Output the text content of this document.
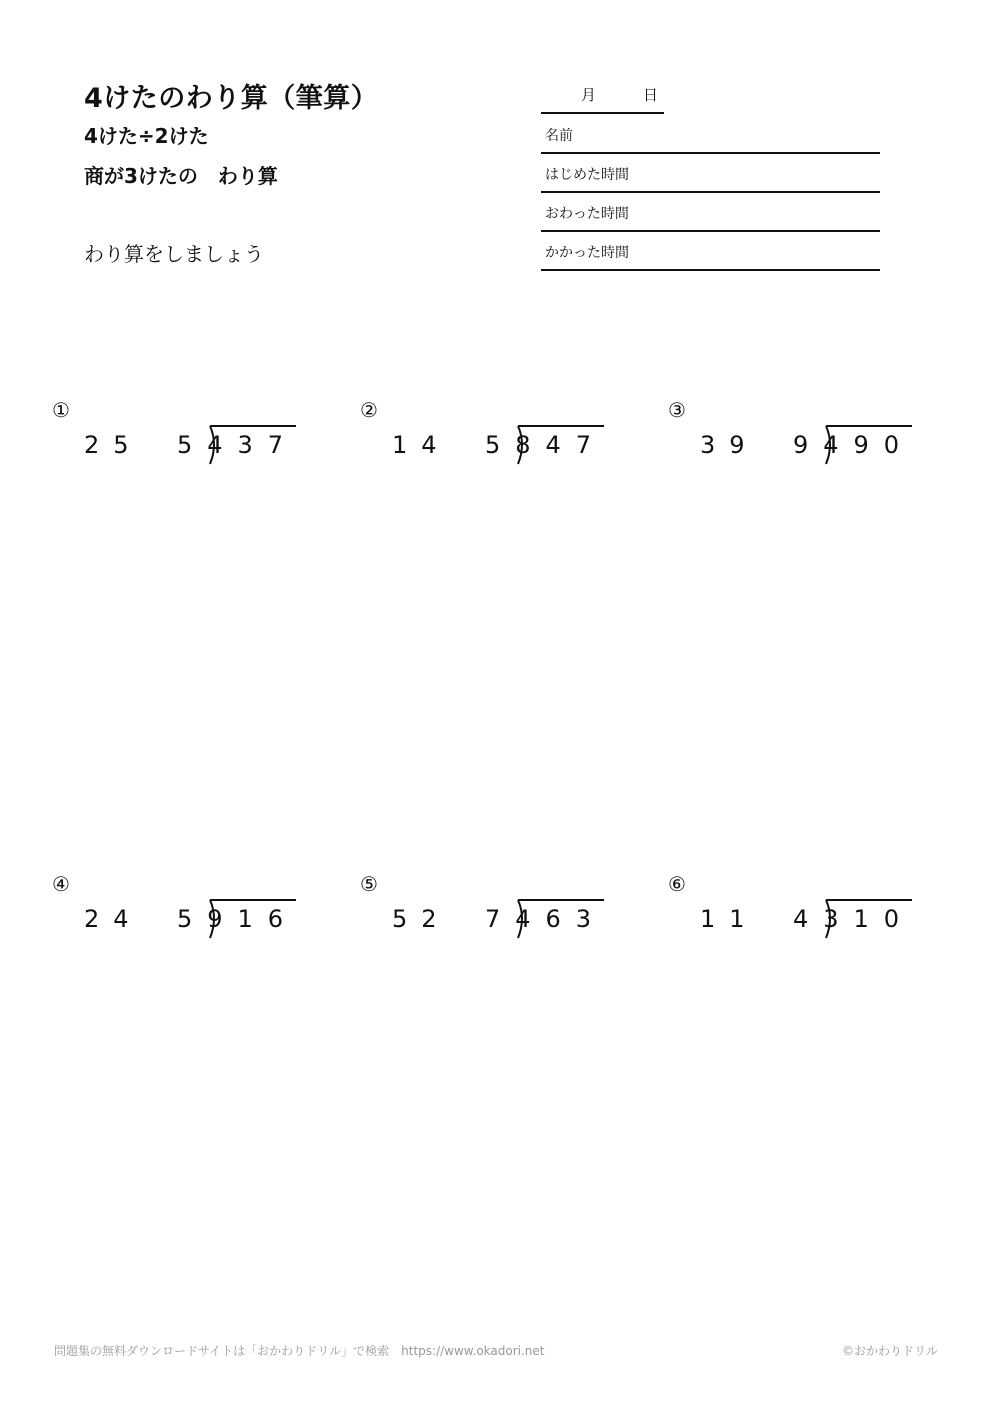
4けたのわり算（筆算）
4けた÷2けた
商が3けたの　わり算
わり算をしましょう
月	日
名前
はじめた時間
おわった時間
かかった時間
①
25 5437
②
14 5847
③
39 9490
④
24 5916
⑤
52 7463
⑥
11 4310
問題集の無料ダウンロードサイトは「おかわりドリル」で検索　https://www.okadori.net	©おかわりドリル
